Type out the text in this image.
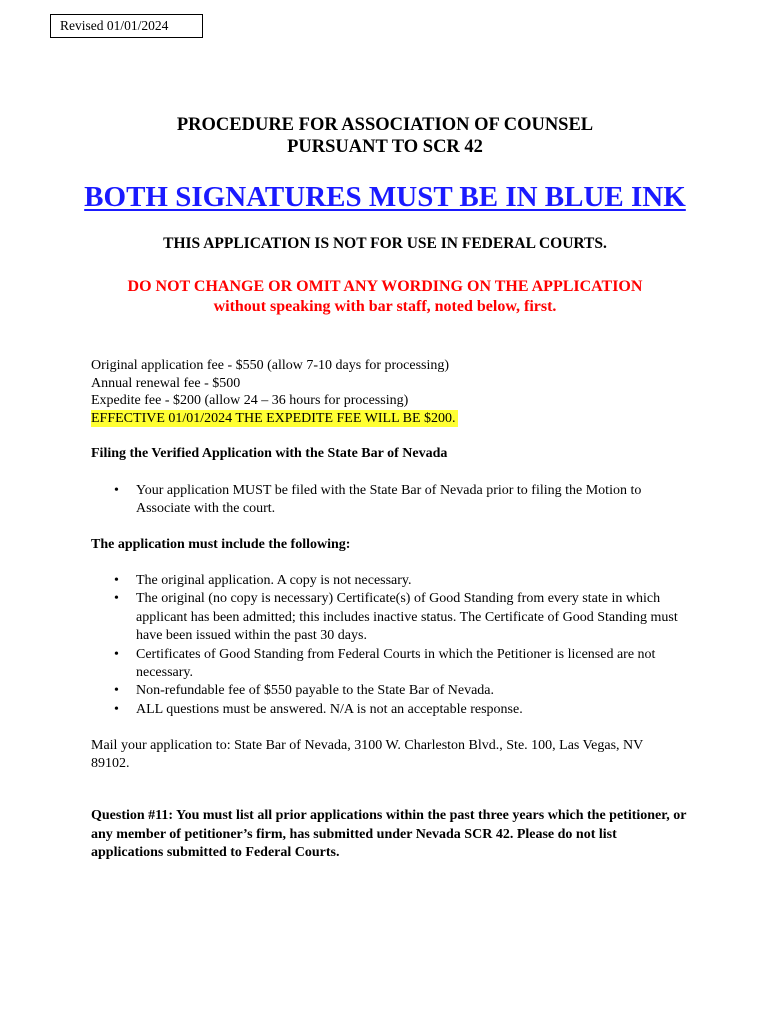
Revised 01/01/2024
PROCEDURE FOR ASSOCIATION OF COUNSEL
PURSUANT TO SCR 42
BOTH SIGNATURES MUST BE IN BLUE INK
THIS APPLICATION IS NOT FOR USE IN FEDERAL COURTS.
DO NOT CHANGE OR OMIT ANY WORDING ON THE APPLICATION
without speaking with bar staff, noted below, first.
Original application fee - $550 (allow 7-10 days for processing)
Annual renewal fee - $500
Expedite fee - $200 (allow 24 – 36 hours for processing)
EFFECTIVE 01/01/2024 THE EXPEDITE FEE WILL BE $200.
Filing the Verified Application with the State Bar of Nevada
• Your application MUST be filed with the State Bar of Nevada prior to filing the Motion to Associate with the court.
The application must include the following:
• The original application. A copy is not necessary.
• The original (no copy is necessary) Certificate(s) of Good Standing from every state in which applicant has been admitted; this includes inactive status. The Certificate of Good Standing must have been issued within the past 30 days.
• Certificates of Good Standing from Federal Courts in which the Petitioner is licensed are not necessary.
• Non-refundable fee of $550 payable to the State Bar of Nevada.
• ALL questions must be answered. N/A is not an acceptable response.
Mail your application to: State Bar of Nevada, 3100 W. Charleston Blvd., Ste. 100, Las Vegas, NV 89102.
Question #11: You must list all prior applications within the past three years which the petitioner, or any member of petitioner’s firm, has submitted under Nevada SCR 42. Please do not list applications submitted to Federal Courts.
